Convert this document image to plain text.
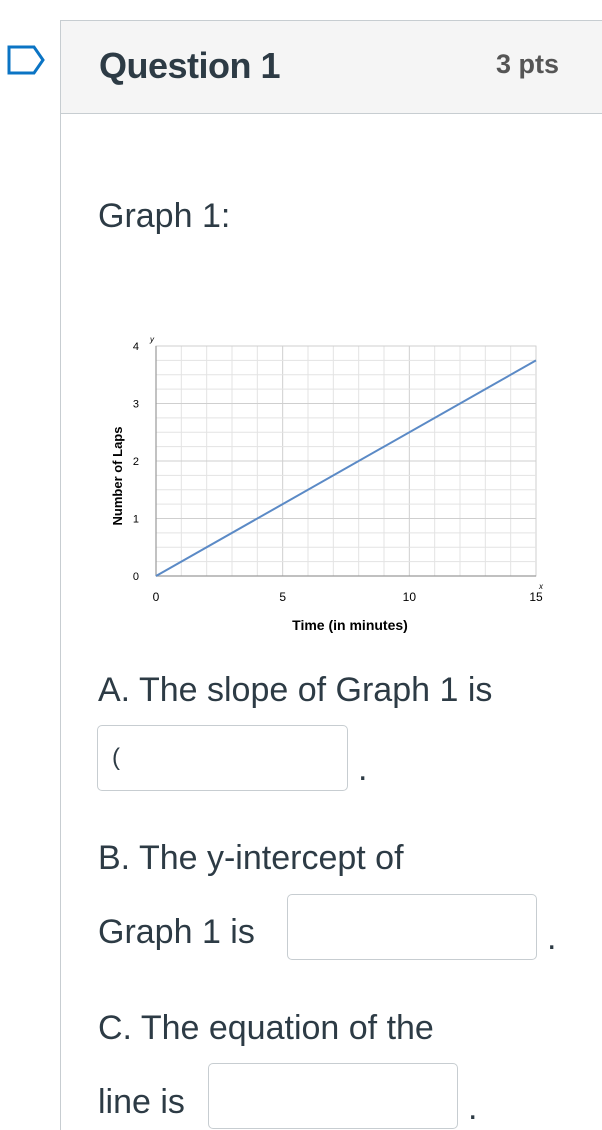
Question 1	3 pts
Graph 1:
0	5	10	15
0
1
2
3
4
Number of Laps
Time (in minutes)
x
y
A. The slope of Graph 1 is
(
.
B. The y-intercept of
Graph 1 is	.
C. The equation of the
line is	.
